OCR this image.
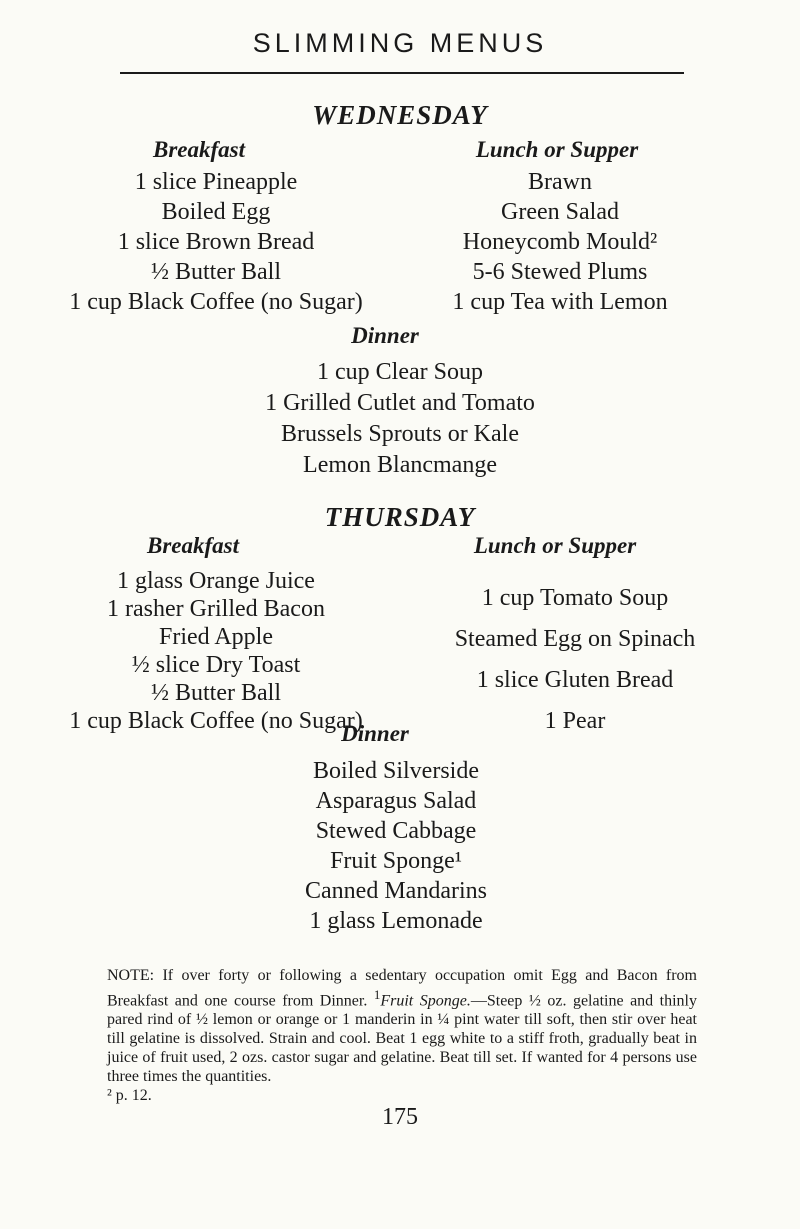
SLIMMING MENUS
WEDNESDAY
Breakfast	Lunch or Supper
1 slice Pineapple
Boiled Egg
1 slice Brown Bread
½ Butter Ball
1 cup Black Coffee (no Sugar)
Brawn
Green Salad
Honeycomb Mould²
5-6 Stewed Plums
1 cup Tea with Lemon
Dinner
1 cup Clear Soup
1 Grilled Cutlet and Tomato
Brussels Sprouts or Kale
Lemon Blancmange
THURSDAY
Breakfast	Lunch or Supper
1 glass Orange Juice
1 rasher Grilled Bacon
Fried Apple
½ slice Dry Toast
½ Butter Ball
1 cup Black Coffee (no Sugar)
1 cup Tomato Soup
Steamed Egg on Spinach
1 slice Gluten Bread
1 Pear
Dinner
Boiled Silverside
Asparagus Salad
Stewed Cabbage
Fruit Sponge¹
Canned Mandarins
1 glass Lemonade
NOTE: If over forty or following a sedentary occupation omit Egg and Bacon from Breakfast and one course from Dinner. $^1$Fruit Sponge.—Steep ½ oz. gelatine and thinly pared rind of ½ lemon or orange or 1 manderin in ¼ pint water till soft, then stir over heat till gelatine is dissolved. Strain and cool. Beat 1 egg white to a stiff froth, gradually beat in juice of fruit used, 2 ozs. castor sugar and gelatine. Beat till set. If wanted for 4 persons use three times the quantities.
² p. 12.
175
